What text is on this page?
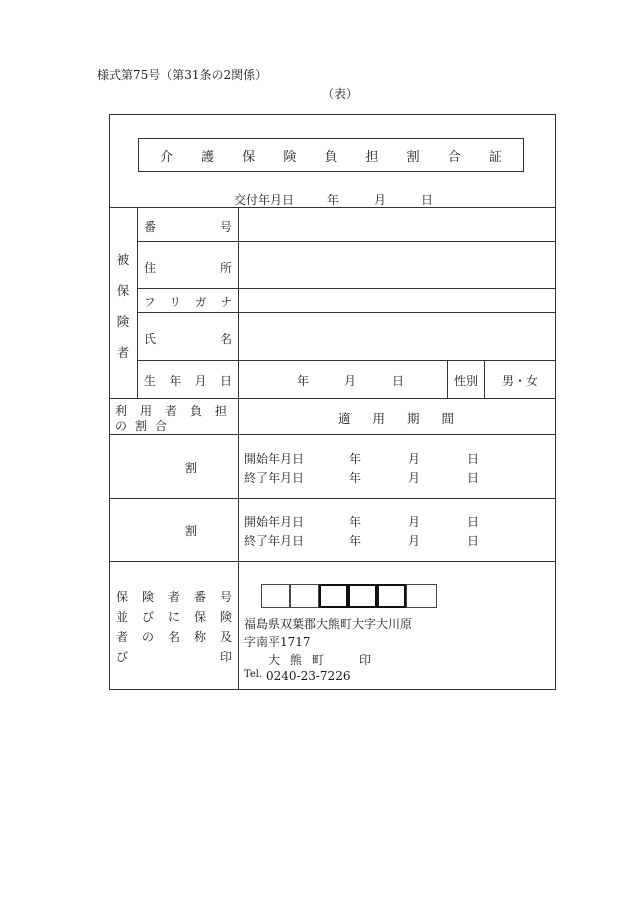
様式第75号（第31条の2関係）
（表）
介 護 保 険 負 担 割 合 証
交付年月日	年	月	日
被
保
険
者
番	号
住	所
フ リ ガ ナ
氏	名
生 年 月 日	年	月	日	性別 男・女
利 用 者 負 担
の 割 合	適 用 期 間
割
開始年月日	年	月	日
終了年月日	年	月	日
割
開始年月日	年	月	日
終了年月日	年	月	日
保 険 者 番 号
並 び に 保 険
者 の 名 称 及
び	印
福島県双葉郡大熊町大字大川原
字南平1717
大 熊 町	印
Tel. 0240-23-7226
